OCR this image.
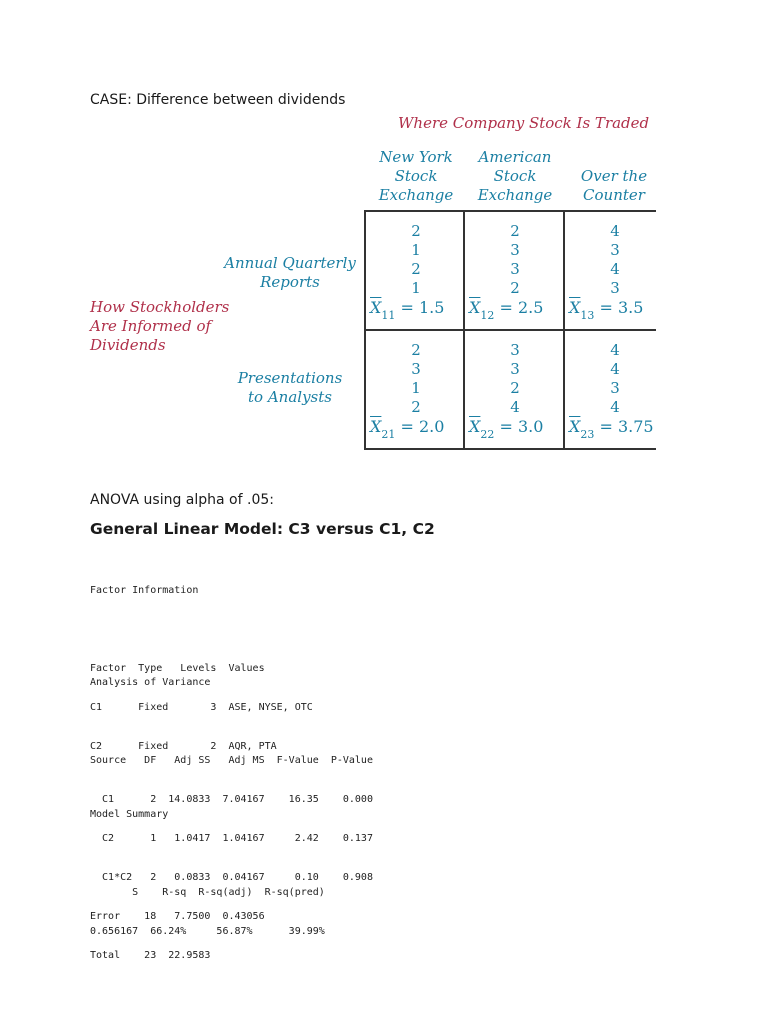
CASE: Difference between dividends
Where Company Stock Is Traded
New York
Stock
Exchange
American
Stock
Exchange
Over the
Counter
How Stockholders
Are Informed of
Dividends
Annual Quarterly
Reports
Presentations
to Analysts
2
1
2
1
$\overline{X}_{11} = 1.5$
2
3
3
2
$\overline{X}_{12} = 2.5$
4
3
4
3
$\overline{X}_{13} = 3.5$
2
3
1
2
$\overline{X}_{21} = 2.0$
3
3
2
4
$\overline{X}_{22} = 3.0$
4
4
3
4
$\overline{X}_{23} = 3.75$
ANOVA using alpha of .05:
General Linear Model: C3 versus C1, C2

Factor Information

Factor  Type   Levels  Values

C1      Fixed       3  ASE, NYSE, OTC

C2      Fixed       2  AQR, PTA

Analysis of Variance

Source   DF   Adj SS   Adj MS  F-Value  P-Value

C1      2  14.0833  7.04167    16.35    0.000

C2      1   1.0417  1.04167     2.42    0.137

C1*C2   2   0.0833  0.04167     0.10    0.908

Error    18   7.7500  0.43056

Total    23  22.9583

Model Summary

S    R-sq  R-sq(adj)  R-sq(pred)

0.656167  66.24%     56.87%      39.99%
